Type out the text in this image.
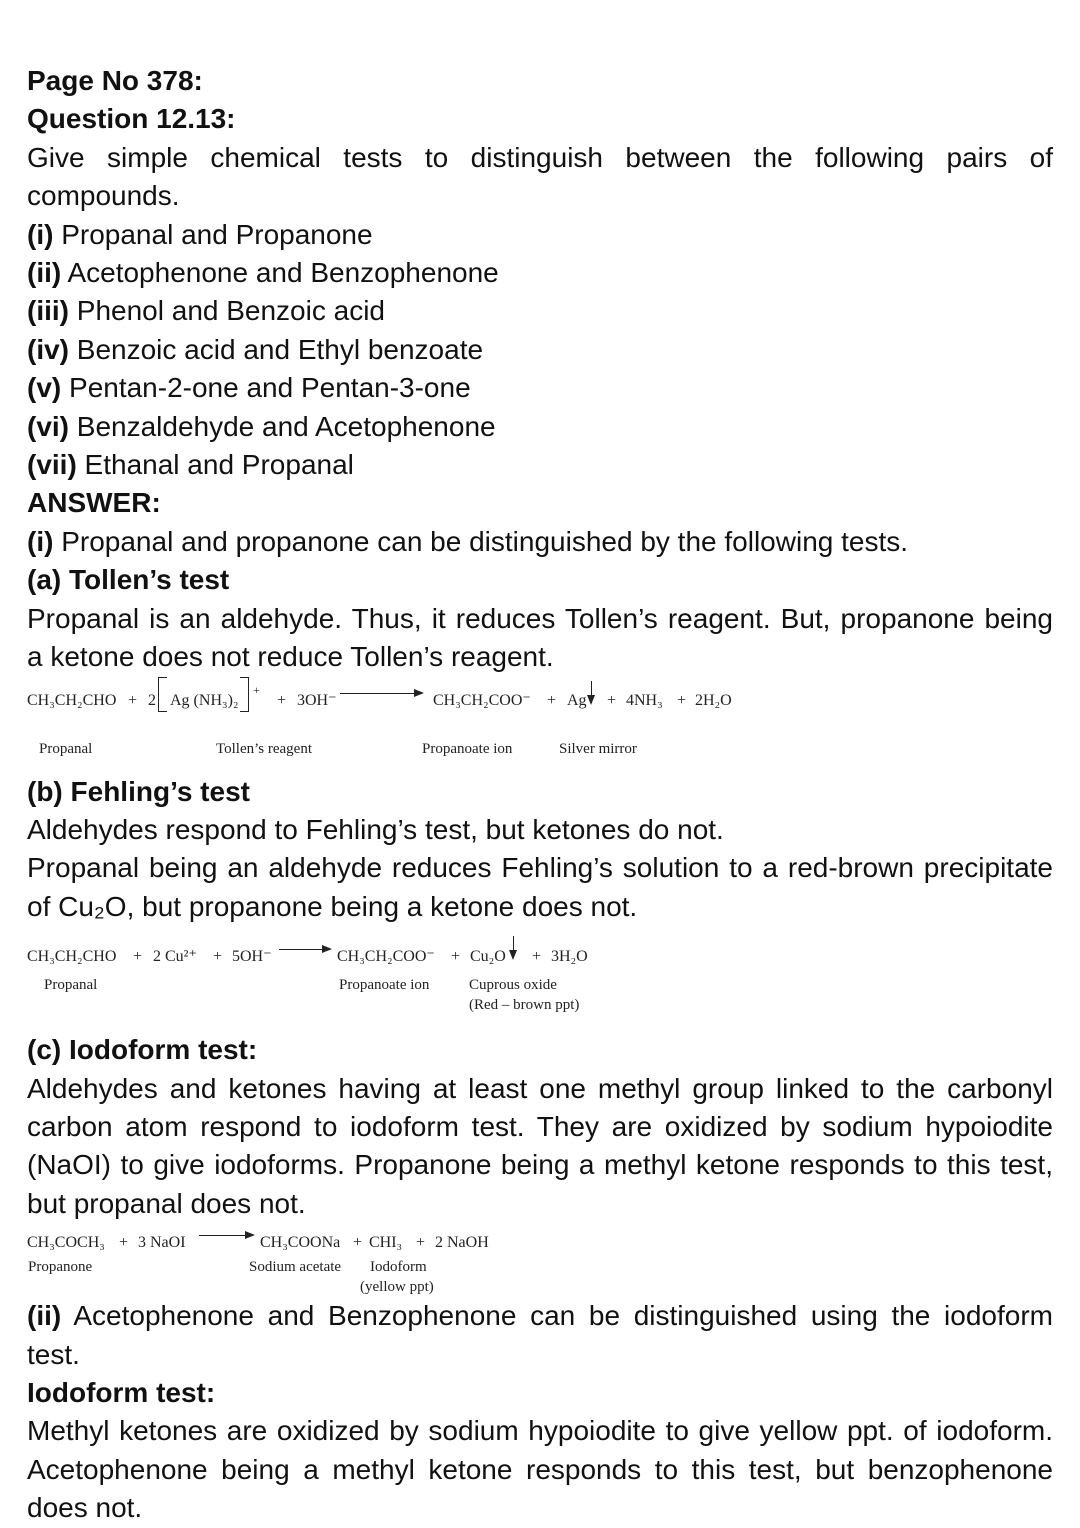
Page No 378:

Question 12.13:

Give simple chemical tests to distinguish between the following pairs of

compounds.

(i) Propanal and Propanone

(ii) Acetophenone and Benzophenone

(iii) Phenol and Benzoic acid

(iv) Benzoic acid and Ethyl benzoate

(v) Pentan-2-one and Pentan-3-one

(vi) Benzaldehyde and Acetophenone

(vii) Ethanal and Propanal

ANSWER:

(i) Propanal and propanone can be distinguished by the following tests.

(a) Tollen’s test

Propanal is an aldehyde. Thus, it reduces Tollen’s reagent. But, propanone being

a ketone does not reduce Tollen’s reagent.

CH₃CH₂CHO + 2 Ag (NH₃)₂
+
+ 3OH⁻ → CH₃CH₂COO⁻ + Ag + 4NH₃ + 2H₂O
Propanal	Tollen’s reagent	Propanoate ion	Silver mirror

(b) Fehling’s test

Aldehydes respond to Fehling’s test, but ketones do not.

Propanal being an aldehyde reduces Fehling’s solution to a red-brown precipitate

of Cu₂O, but propanone being a ketone does not.

CH₃CH₂CHO + 2 Cu²⁺ + 5OH⁻ → CH₃CH₂COO⁻ + Cu₂O + 3H₂O
Propanal	Propanoate ion	Cuprous oxide
(Red – brown ppt)

(c) Iodoform test:

Aldehydes and ketones having at least one methyl group linked to the carbonyl

carbon atom respond to iodoform test. They are oxidized by sodium hypoiodite

(NaOI) to give iodoforms. Propanone being a methyl ketone responds to this test,

but propanal does not.

CH₃COCH₃ + 3 NaOI → CH₃COONa + CHI₃ + 2 NaOH
Propanone	Sodium acetate Iodoform
(yellow ppt)

(ii) Acetophenone and Benzophenone can be distinguished using the iodoform

test.

Iodoform test:

Methyl ketones are oxidized by sodium hypoiodite to give yellow ppt. of iodoform.

Acetophenone being a methyl ketone responds to this test, but benzophenone

does not.
